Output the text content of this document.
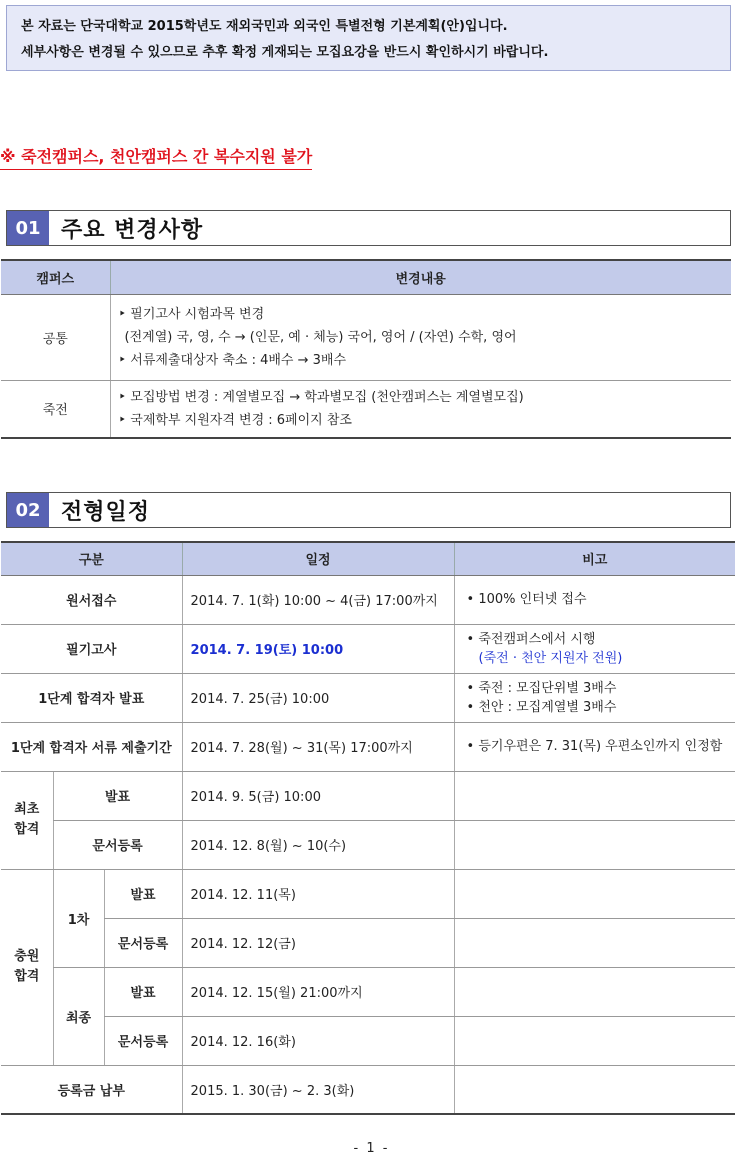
본 자료는 단국대학교 2015학년도 재외국민과 외국인 특별전형 기본계획(안)입니다.
세부사항은 변경될 수 있으므로 추후 확정 게재되는 모집요강을 반드시 확인하시기 바랍니다.
※ 죽전캠퍼스, 천안캠퍼스 간 복수지원 불가
01 주요 변경사항
캠퍼스	변경내용
공통	‣ 필기고사 시험과목 변경
(전계열) 국, 영, 수 → (인문, 예 · 체능) 국어, 영어 / (자연) 수학, 영어
‣ 서류제출대상자 축소 : 4배수 → 3배수

죽전	‣ 모집방법 변경 : 계열별모집 → 학과별모집 (천안캠퍼스는 계열별모집)
‣ 국제학부 지원자격 변경 : 6페이지 참조
02 전형일정
구분			일정	비고
원서접수			2014. 7. 1(화) 10:00 ~ 4(금) 17:00까지	• 100% 인터넷 접수
필기고사			2014. 7. 19(토) 10:00	• 죽전캠퍼스에서 시행
(죽전 · 천안 지원자 전원)

1단계 합격자 발표			2014. 7. 25(금) 10:00	• 죽전 : 모집단위별 3배수
• 천안 : 모집계열별 3배수

1단계 합격자 서류 제출기간			2014. 7. 28(월) ~ 31(목) 17:00까지	• 등기우편은 7. 31(목) 우편소인까지 인정함

최초
합격	발표		2014. 9. 5(금) 10:00	
	문서등록		2014. 12. 8(월) ~ 10(수)	

충원
합격	1차	발표	2014. 12. 11(목)	
		문서등록	2014. 12. 12(금)	
	최종	발표	2014. 12. 15(월) 21:00까지	
		문서등록	2014. 12. 16(화)	
등록금 납부			2015. 1. 30(금) ~ 2. 3(화)	
- 1 -
